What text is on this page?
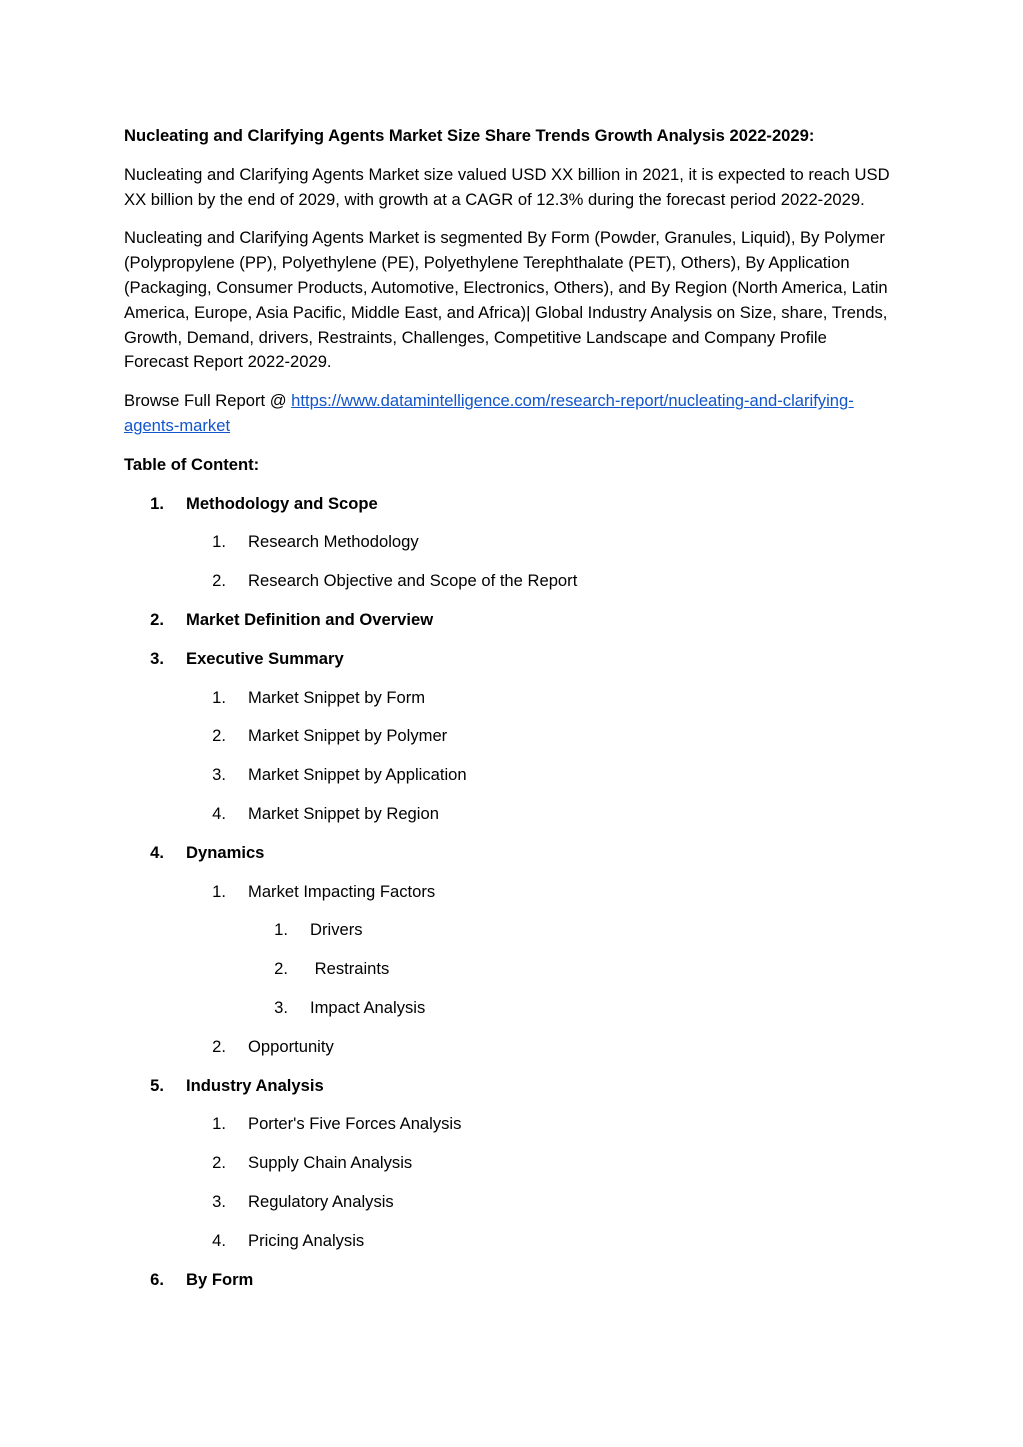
Nucleating and Clarifying Agents Market Size Share Trends Growth Analysis 2022-2029:

Nucleating and Clarifying Agents Market size valued USD XX billion in 2021, it is expected to reach USD XX billion by the end of 2029, with growth at a CAGR of 12.3% during the forecast period 2022-2029.

Nucleating and Clarifying Agents Market is segmented By Form (Powder, Granules, Liquid), By Polymer (Polypropylene (PP), Polyethylene (PE), Polyethylene Terephthalate (PET), Others), By Application (Packaging, Consumer Products, Automotive, Electronics, Others), and By Region (North America, Latin America, Europe, Asia Pacific, Middle East, and Africa)| Global Industry Analysis on Size, share, Trends, Growth, Demand, drivers, Restraints, Challenges, Competitive Landscape and Company Profile Forecast Report 2022-2029.

Browse Full Report @ https://www.datamintelligence.com/research-report/nucleating-and-clarifying-agents-market

Table of Content:
1. Methodology and Scope
1. Research Methodology
2. Research Objective and Scope of the Report
2. Market Definition and Overview
3. Executive Summary
1. Market Snippet by Form
2. Market Snippet by Polymer
3. Market Snippet by Application
4. Market Snippet by Region
4. Dynamics
1. Market Impacting Factors
1. Drivers
2. Restraints
3. Impact Analysis
2. Opportunity
5. Industry Analysis
1. Porter's Five Forces Analysis
2. Supply Chain Analysis
3. Regulatory Analysis
4. Pricing Analysis
6. By Form
